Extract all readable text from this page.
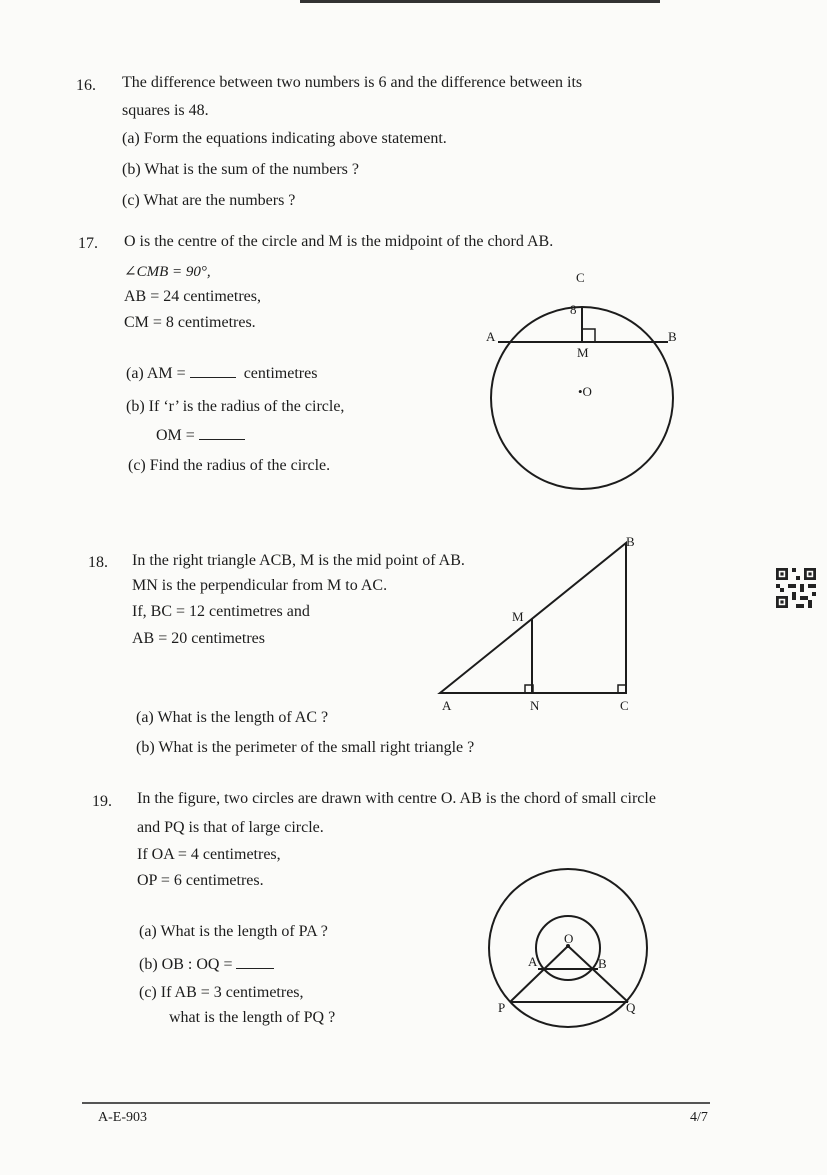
16. The difference between two numbers is 6 and the difference between its
squares is 48.
(a) Form the equations indicating above statement.
(b) What is the sum of the numbers ?
(c) What are the numbers ?
17. O is the centre of the circle and M is the midpoint of the chord AB.
∠CMB = 90°,
AB = 24 centimetres,
CM = 8 centimetres.
(a) AM =	centimetres
(b) If ‘r’ is the radius of the circle,
OM =
(c) Find the radius of the circle.
C
A	B
M
8
•O
18. In the right triangle ACB, M is the mid point of AB.
MN is the perpendicular from M to AC.
If, BC = 12 centimetres and
AB = 20 centimetres
(a) What is the length of AC ?
(b) What is the perimeter of the small right triangle ?
A	N	C
M
B
19. In the figure, two circles are drawn with centre O. AB is the chord of small circle
and PQ is that of large circle.
If OA = 4 centimetres,
OP = 6 centimetres.
(a) What is the length of PA ?
(b) OB : OQ =
(c) If AB = 3 centimetres,
what is the length of PQ ?
O
A	B
P	Q
A-E-903	4/7
